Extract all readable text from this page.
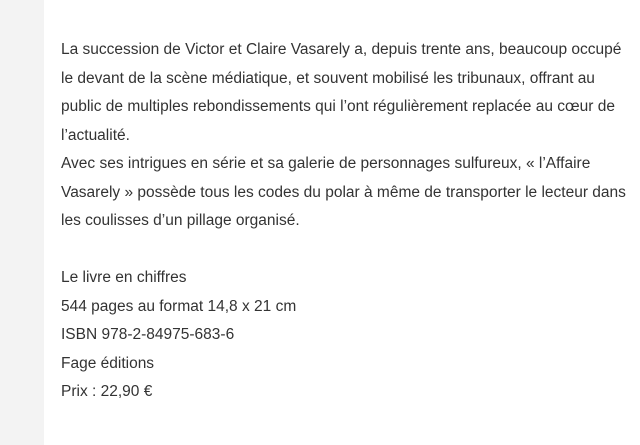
La succession de Victor et Claire Vasarely a, depuis trente ans, beaucoup occupé le devant de la scène médiatique, et souvent mobilisé les tribunaux, offrant au public de multiples rebondissements qui l’ont régulièrement replacée au cœur de l’actualité.

Avec ses intrigues en série et sa galerie de personnages sulfureux, « l’Affaire Vasarely » possède tous les codes du polar à même de transporter le lecteur dans les coulisses d’un pillage organisé.

Le livre en chiffres

544 pages au format 14,8 x 21 cm

ISBN 978-2-84975-683-6

Fage éditions

Prix : 22,90 €
